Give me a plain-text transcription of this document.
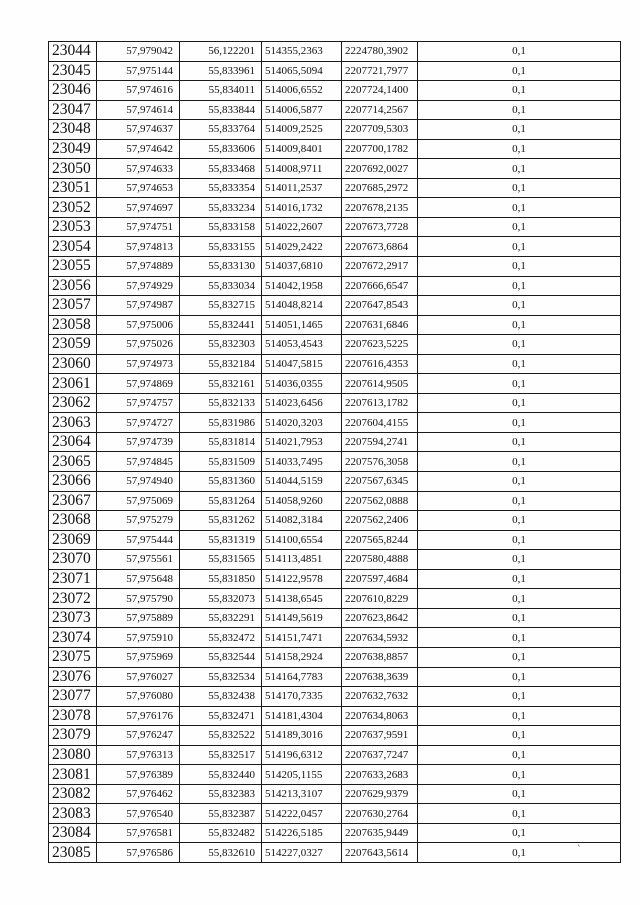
23044	57,979042	56,122201	514355,2363	2224780,3902	0,1
23045	57,975144	55,833961	514065,5094	2207721,7977	0,1
23046	57,974616	55,834011	514006,6552	2207724,1400	0,1
23047	57,974614	55,833844	514006,5877	2207714,2567	0,1
23048	57,974637	55,833764	514009,2525	2207709,5303	0,1
23049	57,974642	55,833606	514009,8401	2207700,1782	0,1
23050	57,974633	55,833468	514008,9711	2207692,0027	0,1
23051	57,974653	55,833354	514011,2537	2207685,2972	0,1
23052	57,974697	55,833234	514016,1732	2207678,2135	0,1
23053	57,974751	55,833158	514022,2607	2207673,7728	0,1
23054	57,974813	55,833155	514029,2422	2207673,6864	0,1
23055	57,974889	55,833130	514037,6810	2207672,2917	0,1
23056	57,974929	55,833034	514042,1958	2207666,6547	0,1
23057	57,974987	55,832715	514048,8214	2207647,8543	0,1
23058	57,975006	55,832441	514051,1465	2207631,6846	0,1
23059	57,975026	55,832303	514053,4543	2207623,5225	0,1
23060	57,974973	55,832184	514047,5815	2207616,4353	0,1
23061	57,974869	55,832161	514036,0355	2207614,9505	0,1
23062	57,974757	55,832133	514023,6456	2207613,1782	0,1
23063	57,974727	55,831986	514020,3203	2207604,4155	0,1
23064	57,974739	55,831814	514021,7953	2207594,2741	0,1
23065	57,974845	55,831509	514033,7495	2207576,3058	0,1
23066	57,974940	55,831360	514044,5159	2207567,6345	0,1
23067	57,975069	55,831264	514058,9260	2207562,0888	0,1
23068	57,975279	55,831262	514082,3184	2207562,2406	0,1
23069	57,975444	55,831319	514100,6554	2207565,8244	0,1
23070	57,975561	55,831565	514113,4851	2207580,4888	0,1
23071	57,975648	55,831850	514122,9578	2207597,4684	0,1
23072	57,975790	55,832073	514138,6545	2207610,8229	0,1
23073	57,975889	55,832291	514149,5619	2207623,8642	0,1
23074	57,975910	55,832472	514151,7471	2207634,5932	0,1
23075	57,975969	55,832544	514158,2924	2207638,8857	0,1
23076	57,976027	55,832534	514164,7783	2207638,3639	0,1
23077	57,976080	55,832438	514170,7335	2207632,7632	0,1
23078	57,976176	55,832471	514181,4304	2207634,8063	0,1
23079	57,976247	55,832522	514189,3016	2207637,9591	0,1
23080	57,976313	55,832517	514196,6312	2207637,7247	0,1
23081	57,976389	55,832440	514205,1155	2207633,2683	0,1
23082	57,976462	55,832383	514213,3107	2207629,9379	0,1
23083	57,976540	55,832387	514222,0457	2207630,2764	0,1
23084	57,976581	55,832482	514226,5185	2207635,9449	0,1
23085	57,976586	55,832610	514227,0327	2207643,5614	0,1	ˋ
